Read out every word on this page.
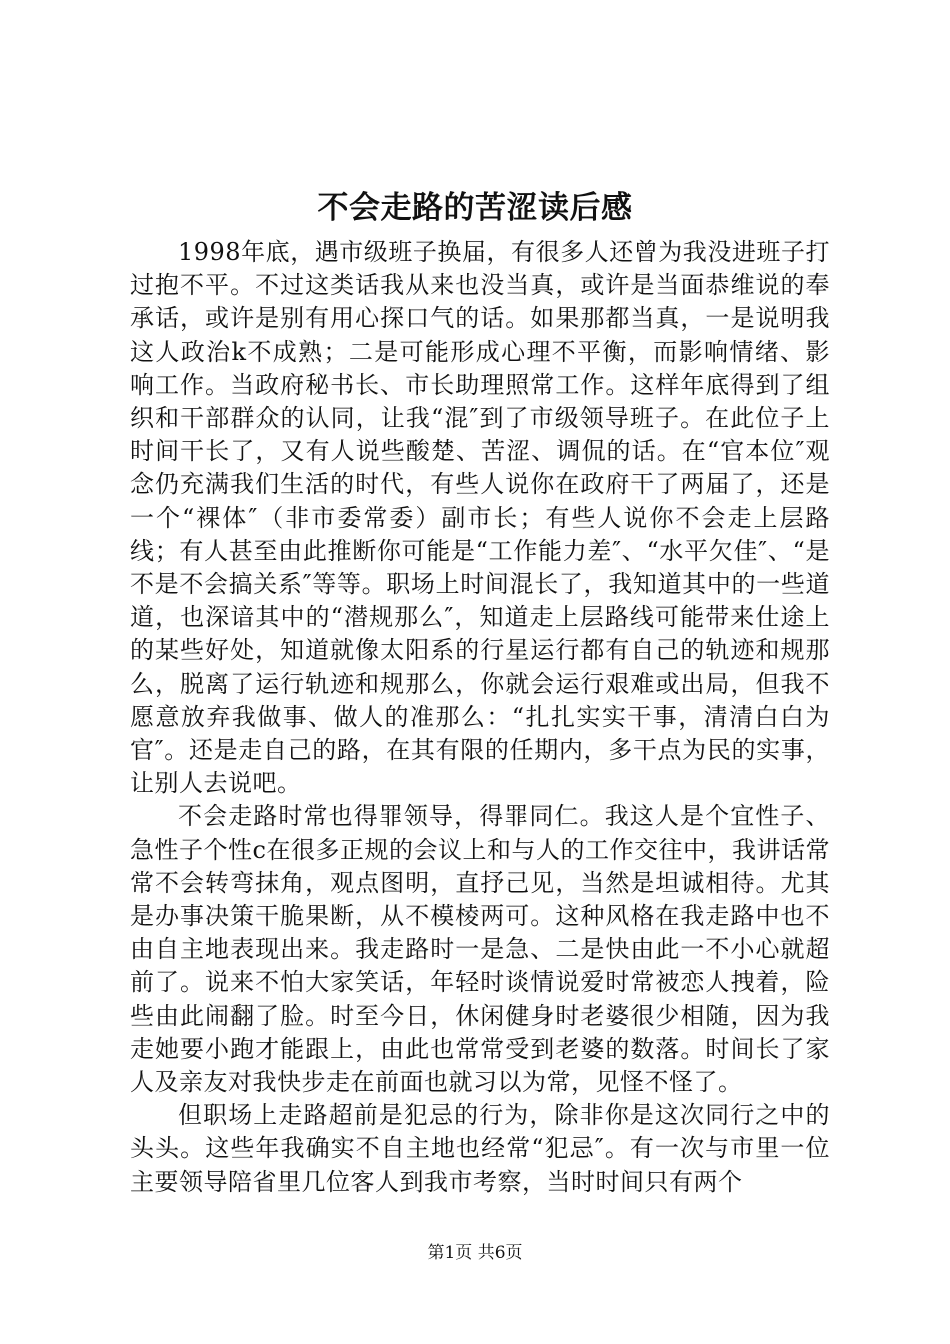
不会走路的苦涩读后感

1998年底，遇市级班子换届，有很多人还曾为我没进班子打过抱不平。不过这类话我从来也没当真，或许是当面恭维说的奉承话，或许是别有用心探口气的话。如果那都当真，一是说明我这人政治k不成熟；二是可能形成心理不平衡，而影响情绪、影响工作。当政府秘书长、市长助理照常工作。这样年底得到了组织和干部群众的认同，让我“混″到了市级领导班子。在此位子上时间干长了，又有人说些酸楚、苦涩、调侃的话。在“官本位″观念仍充满我们生活的时代，有些人说你在政府干了两届了，还是一个“裸体″（非市委常委）副市长；有些人说你不会走上层路线；有人甚至由此推断你可能是“工作能力差″、“水平欠佳″、“是不是不会搞关系″等等。职场上时间混长了，我知道其中的一些道道，也深谙其中的“潜规那么″，知道走上层路线可能带来仕途上的某些好处，知道就像太阳系的行星运行都有自己的轨迹和规那么，脱离了运行轨迹和规那么，你就会运行艰难或出局，但我不愿意放弃我做事、做人的准那么：“扎扎实实干事，清清白白为官″。还是走自己的路，在其有限的任期内，多干点为民的实事，让别人去说吧。

不会走路时常也得罪领导，得罪同仁。我这人是个宜性子、急性子个性c在很多正规的会议上和与人的工作交往中，我讲话常常不会转弯抹角，观点图明，直抒己见，当然是坦诚相待。尤其是办事决策干脆果断，从不模棱两可。这种风格在我走路中也不由自主地表现出来。我走路时一是急、二是快由此一不小心就超前了。说来不怕大家笑话，年轻时谈情说爱时常被恋人拽着，险些由此闹翻了脸。时至今日，休闲健身时老婆很少相随，因为我走她要小跑才能跟上，由此也常常受到老婆的数落。时间长了家人及亲友对我快步走在前面也就习以为常，见怪不怪了。

但职场上走路超前是犯忌的行为，除非你是这次同行之中的头头。这些年我确实不自主地也经常“犯忌″。有一次与市里一位主要领导陪省里几位客人到我市考察，当时时间只有两个

第1页 共6页
